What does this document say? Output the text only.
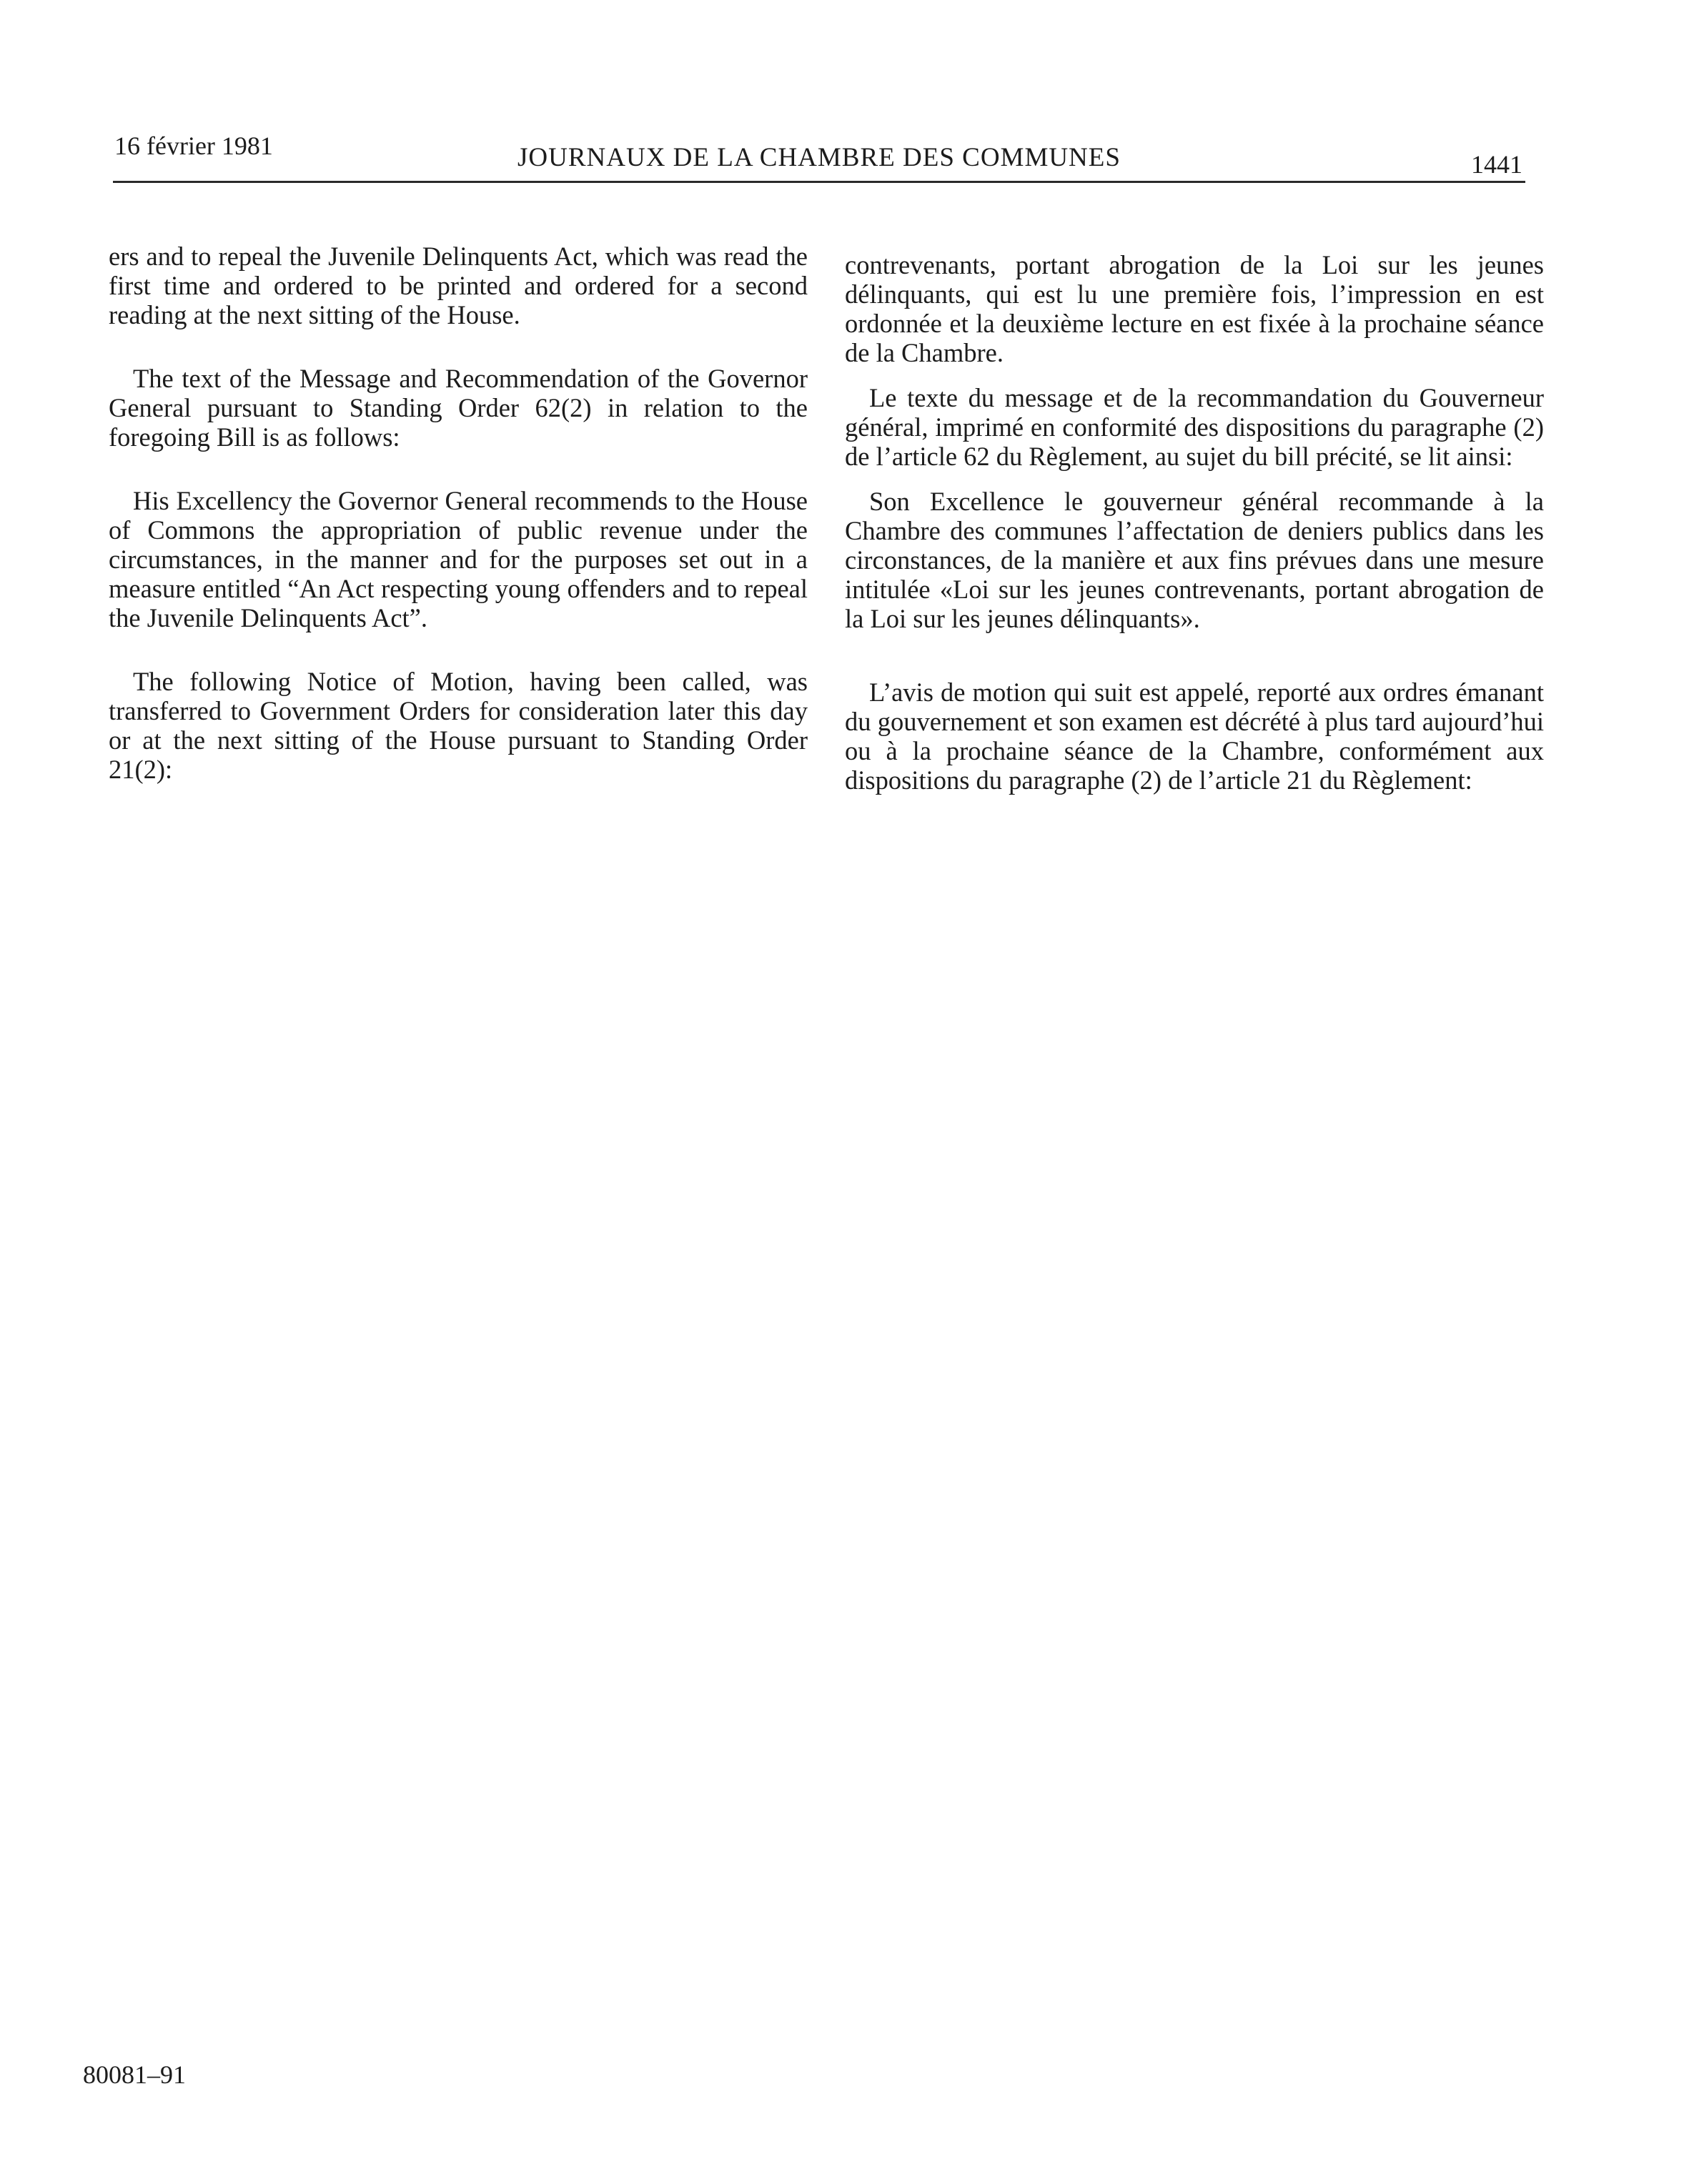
16 février 1981	JOURNAUX DE LA CHAMBRE DES COMMUNES	1441

ers and to repeal the Juvenile Delinquents Act, which was read the first time and ordered to be printed and ordered for a second reading at the next sitting of the House.

The text of the Message and Recommendation of the Governor General pursuant to Standing Order 62(2) in relation to the foregoing Bill is as follows:

His Excellency the Governor General recommends to the House of Commons the appropriation of public revenue under the circumstances, in the manner and for the purposes set out in a measure entitled “An Act respecting young offenders and to repeal the Juvenile Delinquents Act”.

The following Notice of Motion, having been called, was transferred to Government Orders for consideration later this day or at the next sitting of the House pursuant to Standing Order 21(2):

contrevenants, portant abrogation de la Loi sur les jeunes délinquants, qui est lu une première fois, l’impression en est ordonnée et la deuxième lecture en est fixée à la prochaine séance de la Chambre.

Le texte du message et de la recommandation du Gouverneur général, imprimé en conformité des dispositions du paragraphe (2) de l’article 62 du Règlement, au sujet du bill précité, se lit ainsi:

Son Excellence le gouverneur général recommande à la Chambre des communes l’affectation de deniers publics dans les circonstances, de la manière et aux fins prévues dans une mesure intitulée «Loi sur les jeunes contrevenants, portant abrogation de la Loi sur les jeunes délinquants».

L’avis de motion qui suit est appelé, reporté aux ordres émanant du gouvernement et son examen est décrété à plus tard aujourd’hui ou à la prochaine séance de la Chambre, conformément aux dispositions du paragraphe (2) de l’article 21 du Règlement:

80081–91
